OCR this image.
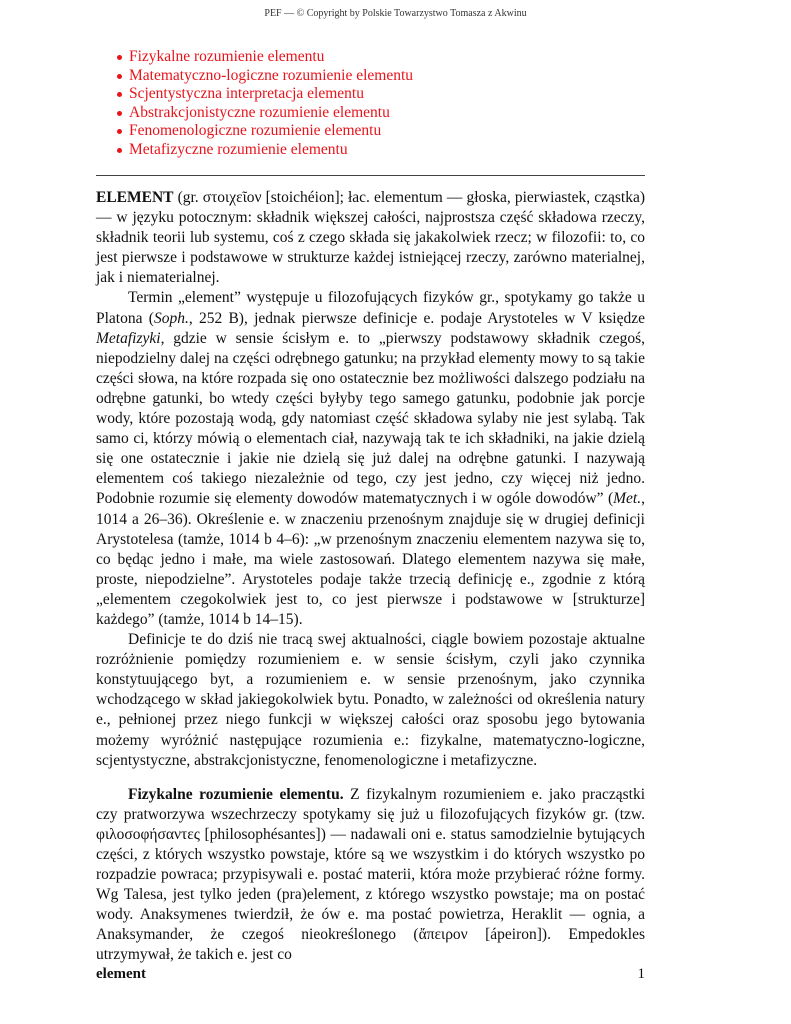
PEF — © Copyright by Polskie Towarzystwo Tomasza z Akwinu
Fizykalne rozumienie elementu
Matematyczno-logiczne rozumienie elementu
Scjentystyczna interpretacja elementu
Abstrakcjonistyczne rozumienie elementu
Fenomenologiczne rozumienie elementu
Metafizyczne rozumienie elementu

ELEMENT (gr. στοιχεῖον [stoichéion]; łac. elementum — głoska, pierwiastek, cząstka) — w języku potocznym: składnik większej całości, najprostsza część składowa rzeczy, składnik teorii lub systemu, coś z czego składa się jakakolwiek rzecz; w filozofii: to, co jest pierwsze i podstawowe w strukturze każdej istniejącej rzeczy, zarówno materialnej, jak i niematerialnej.

Termin „element” występuje u filozofujących fizyków gr., spotykamy go także u Platona (Soph., 252 B), jednak pierwsze definicje e. podaje Arystoteles w V księdze Metafizyki, gdzie w sensie ścisłym e. to „pierwszy podstawowy składnik czegoś, niepodzielny dalej na części odrębnego gatunku; na przykład elementy mowy to są takie części słowa, na które rozpada się ono ostatecznie bez możliwości dalszego podziału na odrębne gatunki, bo wtedy części byłyby tego samego gatunku, podobnie jak porcje wody, które pozostają wodą, gdy natomiast część składowa sylaby nie jest sylabą. Tak samo ci, którzy mówią o elementach ciał, nazywają tak te ich składniki, na jakie dzielą się one ostatecznie i jakie nie dzielą się już dalej na odrębne gatunki. I nazywają elementem coś takiego niezależnie od tego, czy jest jedno, czy więcej niż jedno. Podobnie rozumie się elementy dowodów matematycznych i w ogóle dowodów” (Met., 1014 a 26–36). Określenie e. w znaczeniu przenośnym znajduje się w drugiej definicji Arystotelesa (tamże, 1014 b 4–6): „w przenośnym znaczeniu elementem nazywa się to, co będąc jedno i małe, ma wiele zastosowań. Dlatego elementem nazywa się małe, proste, niepodzielne”. Arystoteles podaje także trzecią definicję e., zgodnie z którą „elementem czegokolwiek jest to, co jest pierwsze i podstawowe w [strukturze] każdego” (tamże, 1014 b 14–15).

Definicje te do dziś nie tracą swej aktualności, ciągle bowiem pozostaje aktualne rozróżnienie pomiędzy rozumieniem e. w sensie ścisłym, czyli jako czynnika konstytuującego byt, a rozumieniem e. w sensie przenośnym, jako czynnika wchodzącego w skład jakiegokolwiek bytu. Ponadto, w zależności od określenia natury e., pełnionej przez niego funkcji w większej całości oraz sposobu jego bytowania możemy wyróżnić następujące rozumienia e.: fizykalne, matematyczno-logiczne, scjentystyczne, abstrakcjonistyczne, fenomenologiczne i metafizyczne.

Fizykalne rozumienie elementu. Z fizykalnym rozumieniem e. jako pracząstki czy pratworzywa wszechrzeczy spotykamy się już u filozofujących fizyków gr. (tzw. φιλοσοφήσαντες [philosophésantes]) — nadawali oni e. status samodzielnie bytujących części, z których wszystko powstaje, które są we wszystkim i do których wszystko po rozpadzie powraca; przypisywali e. postać materii, która może przybierać różne formy. Wg Talesa, jest tylko jeden (pra)element, z którego wszystko powstaje; ma on postać wody. Anaksymenes twierdził, że ów e. ma postać powietrza, Heraklit — ognia, a Anaksymander, że czegoś nieokreślonego (ἄπειρον [ápeiron]). Empedokles utrzymywał, że takich e. jest co

element	1
